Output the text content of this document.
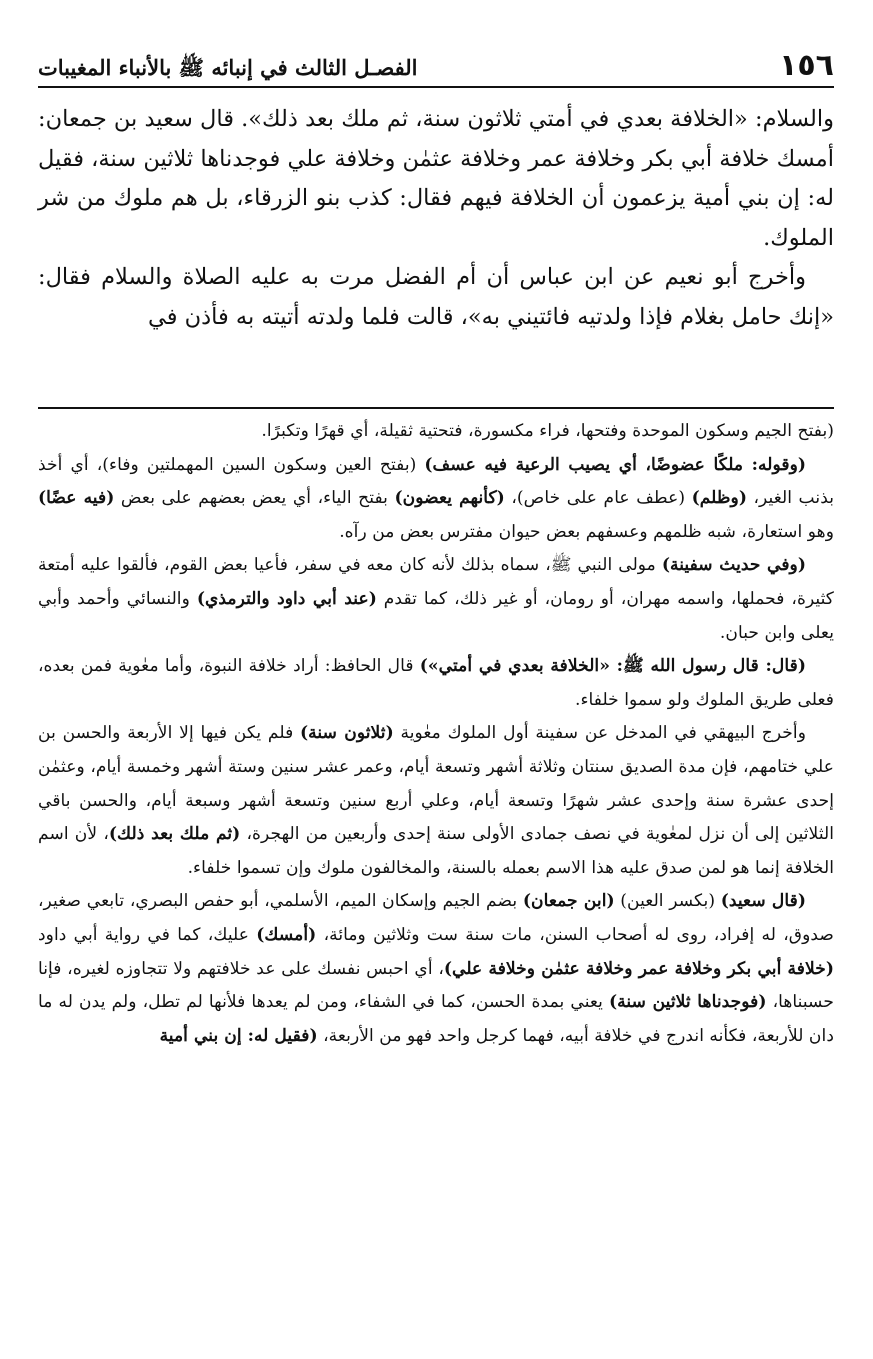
١٥٦
الفصـل الثالث في إنبائه ﷺ بالأنباء المغيبات

والسلام: «الخلافة بعدي في أمتي ثلاثون سنة، ثم ملك بعد ذلك». قال سعيد بن جمعان: أمسك خلافة أبي بكر وخلافة عمر وخلافة عثمٰن وخلافة علي فوجدناها ثلاثين سنة، فقيل له: إن بني أمية يزعمون أن الخلافة فيهم فقال: كذب بنو الزرقاء، بل هم ملوك من شر الملوك.

وأخرج أبو نعيم عن ابن عباس أن أم الفضل مرت به عليه الصلاة والسلام فقال: «إنك حامل بغلام فإذا ولدتيه فائتيني به»، قالت فلما ولدته أتيته به فأذن في

(بفتح الجيم وسكون الموحدة وفتحها، فراء مكسورة، فتحتية ثقيلة، أي قهرًا وتكبرًا.

(وقوله: ملكًا عضوضًا، أي يصيب الرعية فيه عسف) (بفتح العين وسكون السين المهملتين وفاء)، أي أخذ بذنب الغير، (وظلم) (عطف عام على خاص)، (كأنهم يعضون) بفتح الياء، أي يعض بعضهم على بعض (فيه عضًا) وهو استعارة، شبه ظلمهم وعسفهم بعض حيوان مفترس بعض من رآه.

(وفي حديث سفينة) مولى النبي ﷺ، سماه بذلك لأنه كان معه في سفر، فأعيا بعض القوم، فألقوا عليه أمتعة كثيرة، فحملها، واسمه مهران، أو رومان، أو غير ذلك، كما تقدم (عند أبي داود والترمذي) والنسائي وأحمد وأبي يعلى وابن حبان.

(قال: قال رسول الله ﷺ: «الخلافة بعدي في أمتي») قال الحافظ: أراد خلافة النبوة، وأما معٰوية فمن بعده، فعلى طريق الملوك ولو سموا خلفاء.

وأخرج البيهقي في المدخل عن سفينة أول الملوك معٰوية (ثلاثون سنة) فلم يكن فيها إلا الأربعة والحسن بن علي ختامهم، فإن مدة الصديق سنتان وثلاثة أشهر وتسعة أيام، وعمر عشر سنين وستة أشهر وخمسة أيام، وعثمٰن إحدى عشرة سنة وإحدى عشر شهرًا وتسعة أيام، وعلي أربع سنين وتسعة أشهر وسبعة أيام، والحسن باقي الثلاثين إلى أن نزل لمعٰوية في نصف جمادى الأولى سنة إحدى وأربعين من الهجرة، (ثم ملك بعد ذلك)، لأن اسم الخلافة إنما هو لمن صدق عليه هذا الاسم بعمله بالسنة، والمخالفون ملوك وإن تسموا خلفاء.

(قال سعيد) (بكسر العين) (ابن جمعان) بضم الجيم وإسكان الميم، الأسلمي، أبو حفص البصري، تابعي صغير، صدوق، له إفراد، روى له أصحاب السنن، مات سنة ست وثلاثين ومائة، (أمسك) عليك، كما في رواية أبي داود (خلافة أبي بكر وخلافة عمر وخلافة عثمٰن وخلافة علي)، أي احبس نفسك على عد خلافتهم ولا تتجاوزه لغيره، فإنا حسبناها، (فوجدناها ثلاثين سنة) يعني بمدة الحسن، كما في الشفاء، ومن لم يعدها فلأنها لم تطل، ولم يدن له ما دان للأربعة، فكأنه اندرج في خلافة أبيه، فهما كرجل واحد فهو من الأربعة، (فقيل له: إن بني أمية
